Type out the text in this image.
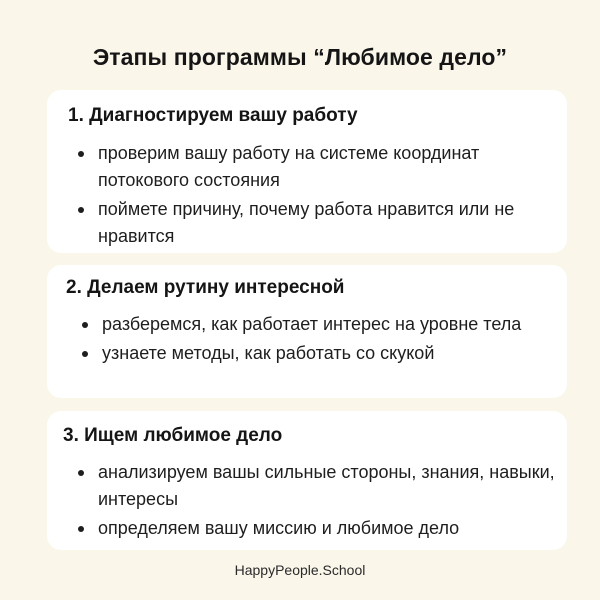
Этапы программы “Любимое дело”
1. Диагностируем вашу работу
проверим вашу работу на системе координат потокового состояния
поймете причину, почему работа нравится или не нравится
2. Делаем рутину интересной
разберемся, как работает интерес на уровне тела
узнаете методы, как работать со скукой
3. Ищем любимое дело
анализируем вашы сильные стороны, знания, навыки, интересы
определяем вашу миссию и любимое дело
HappyPeople.School
